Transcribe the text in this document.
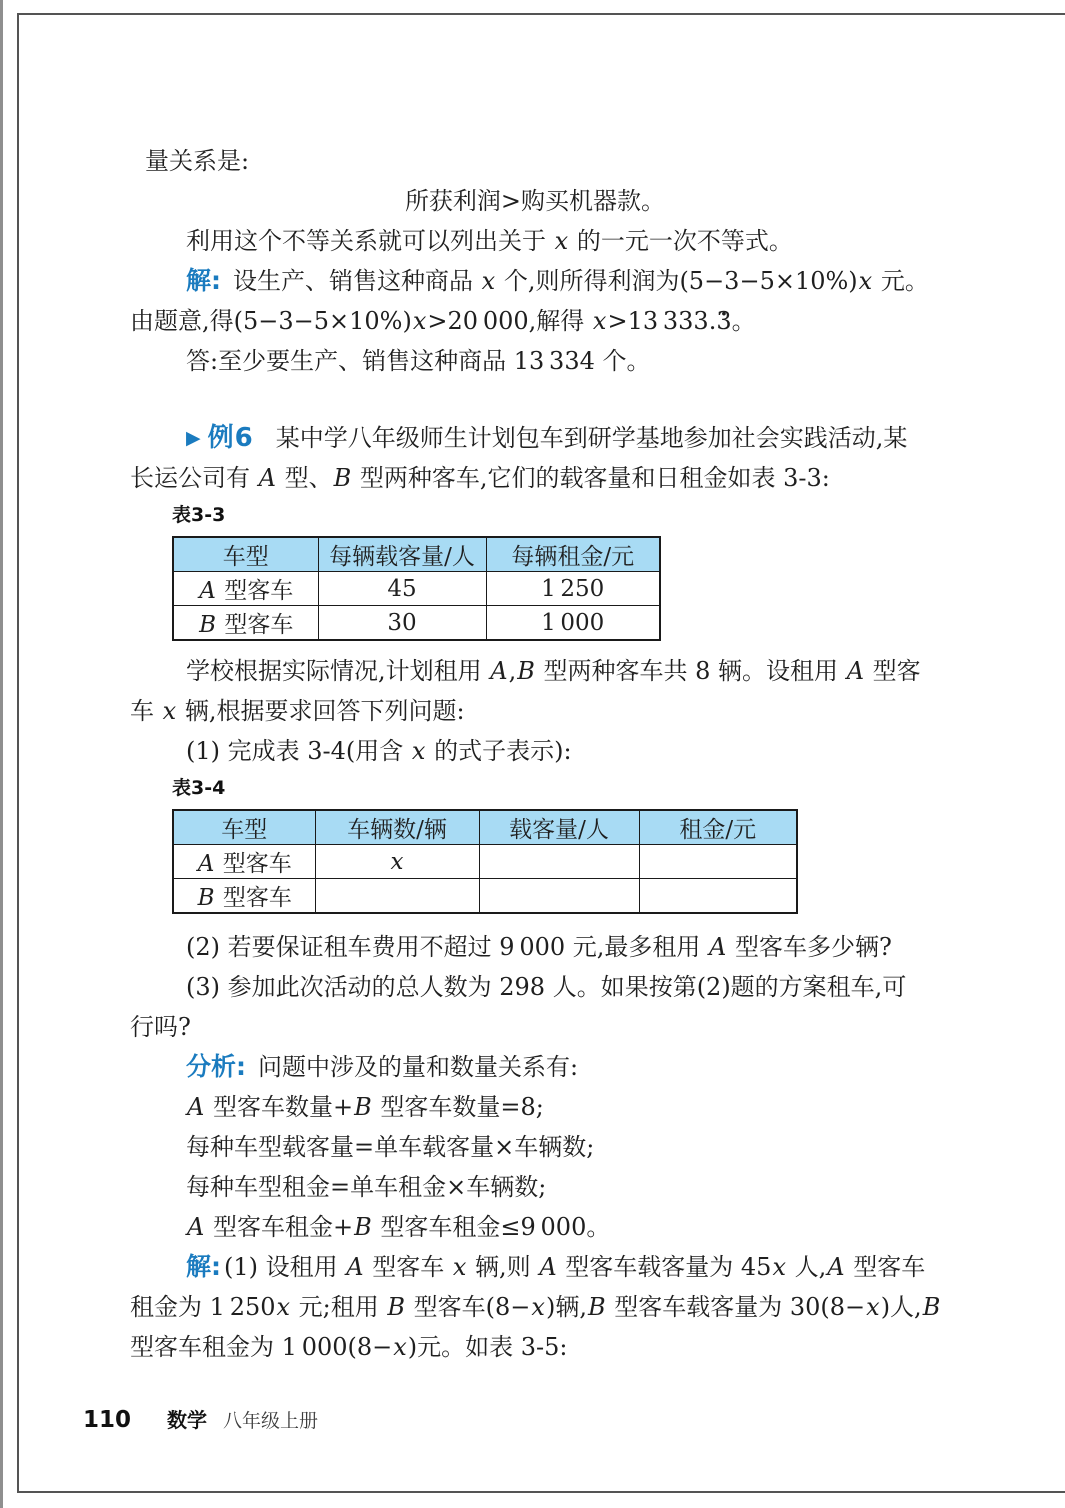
量关系是:
所获利润>购买机器款。
利用这个不等关系就可以列出关于 x 的一元一次不等式。
解: 设生产、销售这种商品 x 个,则所得利润为(5−3−5×10%)x 元。
由题意,得(5−3−5×10%)x>20 000,解得 x>13 333.3 ·。
答:至少要生产、销售这种商品 13 334 个。
▶ 例6 某中学八年级师生计划包车到研学基地参加社会实践活动,某
长运公司有 A 型、B 型两种客车,它们的载客量和日租金如表 3-3:
表3-3
车型	每辆载客量/人	每辆租金/元
A 型客车	45	1 250
B 型客车	30	1 000
学校根据实际情况,计划租用 A,B 型两种客车共 8 辆。设租用 A 型客
车 x 辆,根据要求回答下列问题:
(1) 完成表 3-4(用含 x 的式子表示):
表3-4
车型	车辆数/辆	载客量/人	租金/元
A 型客车	x		
B 型客车			
(2) 若要保证租车费用不超过 9 000 元,最多租用 A 型客车多少辆?
(3) 参加此次活动的总人数为 298 人。如果按第(2)题的方案租车,可
行吗?
分析: 问题中涉及的量和数量关系有:
A 型客车数量+B 型客车数量=8;
每种车型载客量=单车载客量×车辆数;
每种车型租金=单车租金×车辆数;
A 型客车租金+B 型客车租金≤9 000。
解: (1) 设租用 A 型客车 x 辆,则 A 型客车载客量为 45x 人,A 型客车
租金为 1 250x 元;租用 B 型客车(8−x)辆,B 型客车载客量为 30(8−x)人,B
型客车租金为 1 000(8−x)元。如表 3-5:
110 数学 八年级上册
